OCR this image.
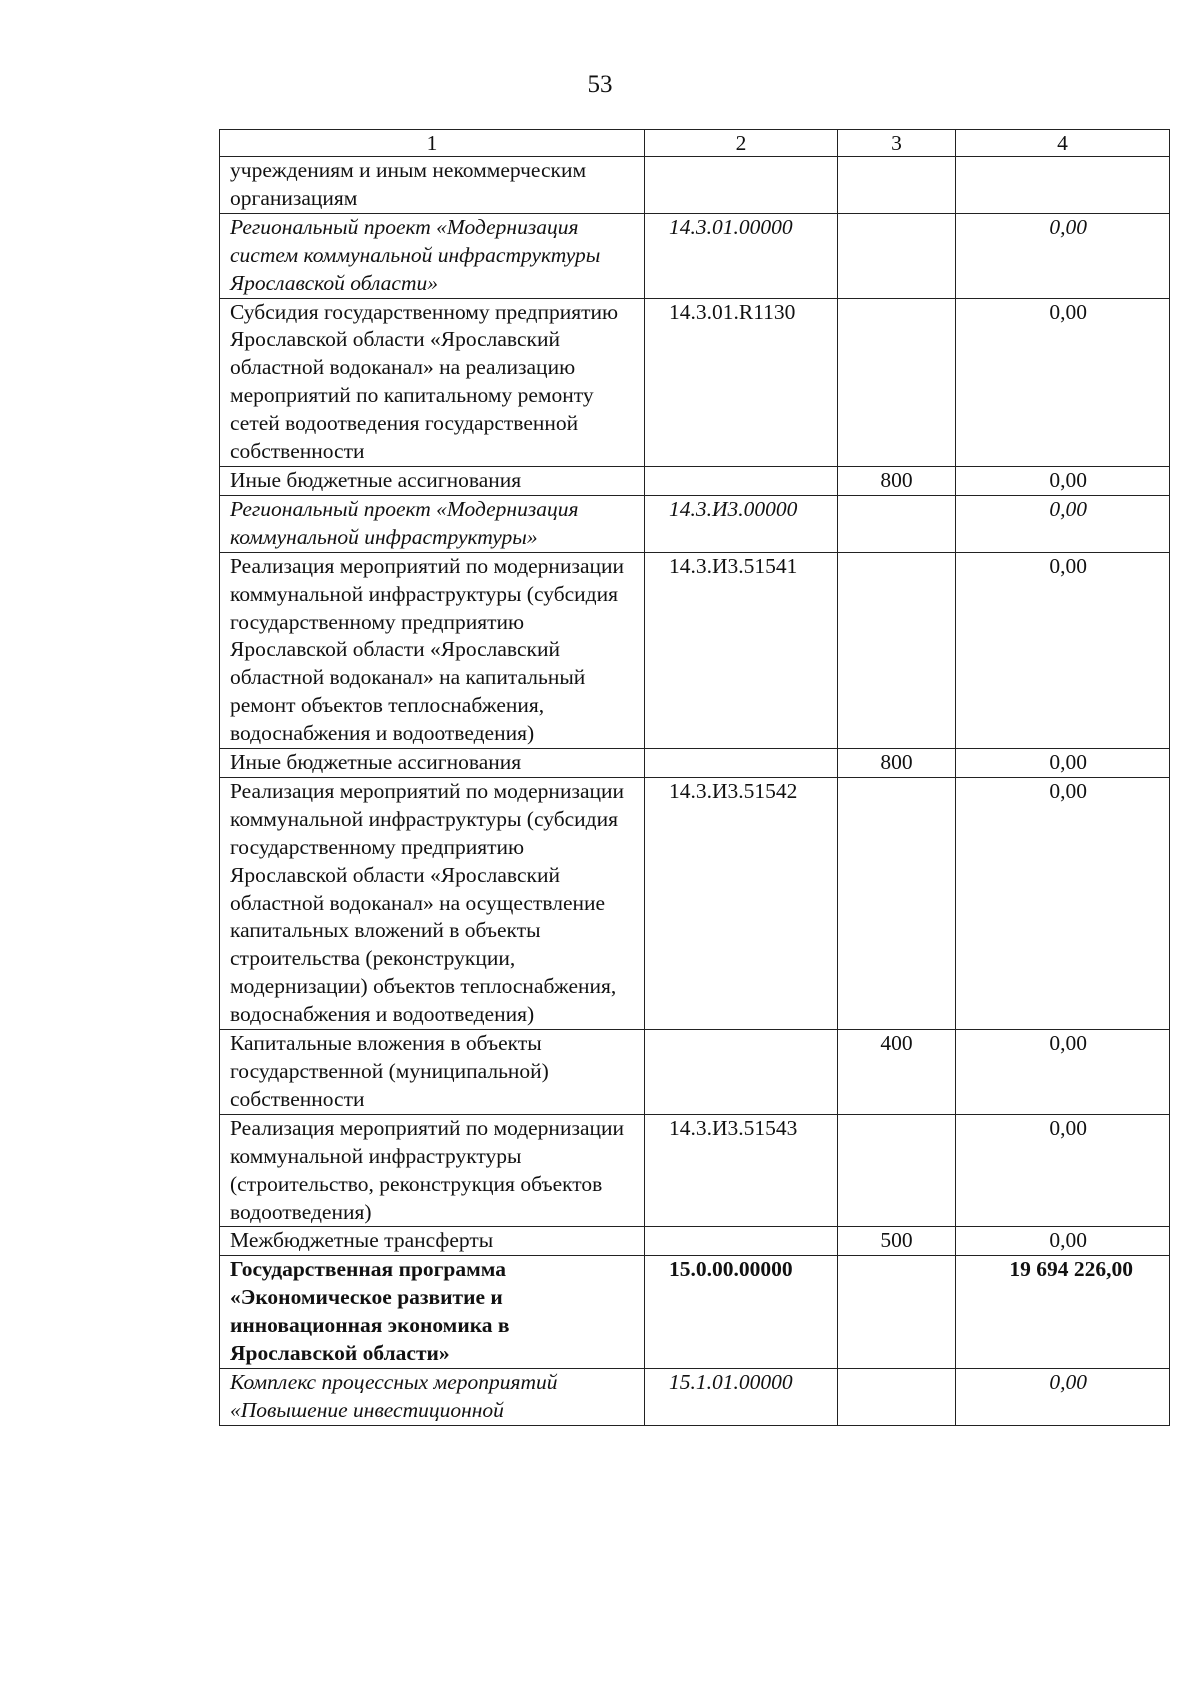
53
1	2	3	4
учреждениям и иным некоммерческим организациям			
Региональный проект «Модернизация систем коммунальной инфраструктуры Ярославской области»	14.3.01.00000		0,00
Субсидия государственному предприятию Ярославской области «Ярославский областной водоканал» на реализацию мероприятий по капитальному ремонту сетей водоотведения государственной собственности	14.3.01.R1130		0,00
Иные бюджетные ассигнования		800	0,00
Региональный проект «Модернизация коммунальной инфраструктуры»	14.3.И3.00000		0,00
Реализация мероприятий по модернизации коммунальной инфраструктуры (субсидия государственному предприятию Ярославской области «Ярославский областной водоканал» на капитальный ремонт объектов теплоснабжения, водоснабжения и водоотведения)	14.3.И3.51541		0,00
Иные бюджетные ассигнования		800	0,00
Реализация мероприятий по модернизации коммунальной инфраструктуры (субсидия государственному предприятию Ярославской области «Ярославский областной водоканал» на осуществление капитальных вложений в объекты строительства (реконструкции, модернизации) объектов теплоснабжения, водоснабжения и водоотведения)	14.3.И3.51542		0,00
Капитальные вложения в объекты государственной (муниципальной) собственности		400	0,00
Реализация мероприятий по модернизации коммунальной инфраструктуры (строительство, реконструкция объектов водоотведения)	14.3.И3.51543		0,00
Межбюджетные трансферты		500	0,00
Государственная программа «Экономическое развитие и инновационная экономика в Ярославской области»	15.0.00.00000		19 694 226,00
Комплекс процессных мероприятий «Повышение инвестиционной	15.1.01.00000		0,00
